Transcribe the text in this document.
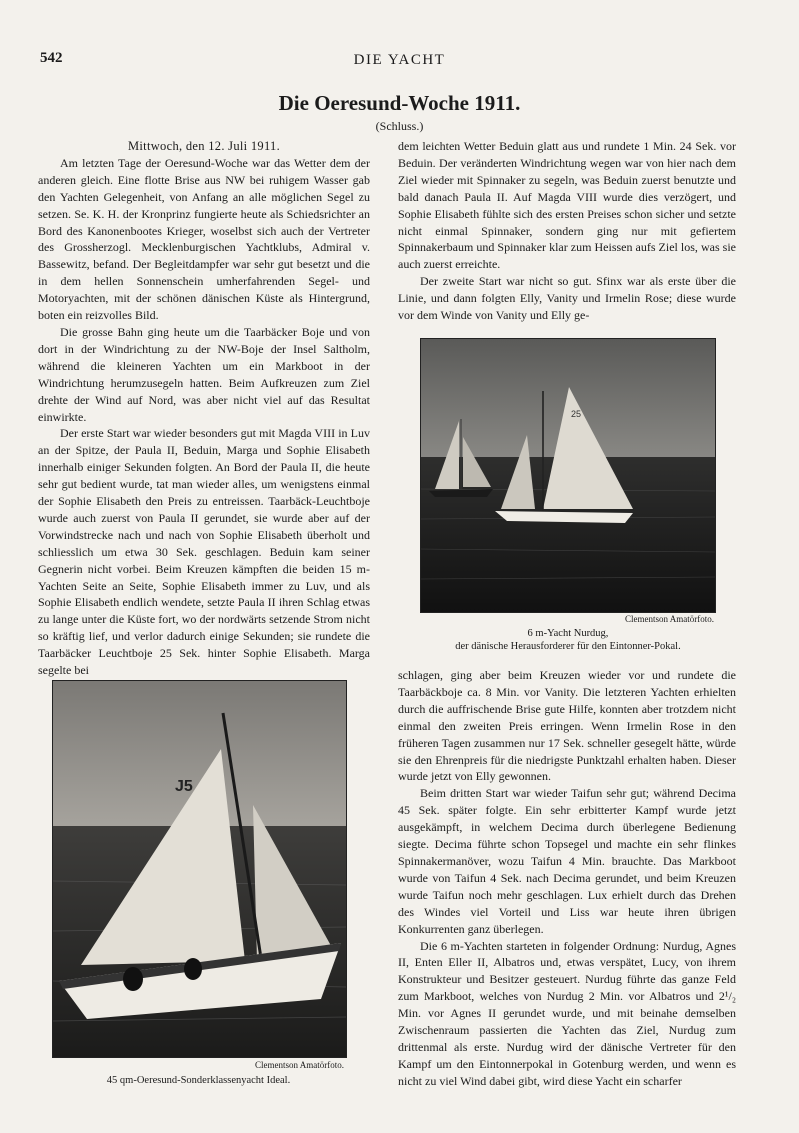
542	DIE YACHT
Die Oeresund-Woche 1911.
(Schluss.)

Mittwoch, den 12. Juli 1911.

Am letzten Tage der Oeresund-Woche war das Wetter dem der anderen gleich. Eine flotte Brise aus NW bei ruhigem Wasser gab den Yachten Gelegenheit, von Anfang an alle möglichen Segel zu setzen. Se. K. H. der Kronprinz fungierte heute als Schiedsrichter an Bord des Kanonenbootes Krieger, woselbst sich auch der Vertreter des Grossherzogl. Mecklenburgischen Yachtklubs, Admiral v. Bassewitz, befand. Der Begleitdampfer war sehr gut besetzt und die in dem hellen Sonnenschein umherfahrenden Segel- und Motoryachten, mit der schönen dänischen Küste als Hintergrund, boten ein reizvolles Bild.

Die grosse Bahn ging heute um die Taarbäcker Boje und von dort in der Windrichtung zu der NW-Boje der Insel Saltholm, während die kleineren Yachten um ein Markboot in der Windrichtung herumzusegeln hatten. Beim Aufkreuzen zum Ziel drehte der Wind auf Nord, was aber nicht viel auf das Resultat einwirkte.

Der erste Start war wieder besonders gut mit Magda VIII in Luv an der Spitze, der Paula II, Beduin, Marga und Sophie Elisabeth innerhalb einiger Sekunden folgten. An Bord der Paula II, die heute sehr gut bedient wurde, tat man wieder alles, um wenigstens einmal der Sophie Elisabeth den Preis zu entreissen. Taarbäck-Leuchtboje wurde auch zuerst von Paula II gerundet, sie wurde aber auf der Vorwindstrecke nach und nach von Sophie Elisabeth überholt und schliesslich um etwa 30 Sek. geschlagen. Beduin kam seiner Gegnerin nicht vorbei. Beim Kreuzen kämpften die beiden 15 m-Yachten Seite an Seite, Sophie Elisabeth immer zu Luv, und als Sophie Elisabeth endlich wendete, setzte Paula II ihren Schlag etwas zu lange unter die Küste fort, wo der nordwärts setzende Strom nicht so kräftig lief, und verlor dadurch einige Sekunden; sie rundete die Taarbäcker Leuchtboje 25 Sek. hinter Sophie Elisabeth. Marga segelte bei

dem leichten Wetter Beduin glatt aus und rundete 1 Min. 24 Sek. vor Beduin. Der veränderten Windrichtung wegen war von hier nach dem Ziel wieder mit Spinnaker zu segeln, was Beduin zuerst benutzte und bald danach Paula II. Auf Magda VIII wurde dies verzögert, und Sophie Elisabeth fühlte sich des ersten Preises schon sicher und setzte nicht einmal Spinnaker, sondern ging nur mit gefiertem Spinnakerbaum und Spinnaker klar zum Heissen aufs Ziel los, was sie auch zuerst erreichte.

Der zweite Start war nicht so gut. Sfinx war als erste über die Linie, und dann folgten Elly, Vanity und Irmelin Rose; diese wurde vor dem Winde von Vanity und Elly ge-

25
Clementson Amatörfoto.
6 m-Yacht Nurdug,
der dänische Herausforderer für den Eintonner-Pokal.

schlagen, ging aber beim Kreuzen wieder vor und rundete die Taarbäckboje ca. 8 Min. vor Vanity. Die letzteren Yachten erhielten durch die auffrischende Brise gute Hilfe, konnten aber trotzdem nicht einmal den zweiten Preis erringen. Wenn Irmelin Rose in den früheren Tagen zusammen nur 17 Sek. schneller gesegelt hätte, würde sie den Ehrenpreis für die niedrigste Punktzahl erhalten haben. Dieser wurde jetzt von Elly gewonnen.

Beim dritten Start war wieder Taifun sehr gut; während Decima 45 Sek. später folgte. Ein sehr erbitterter Kampf wurde jetzt ausgekämpft, in welchem Decima durch überlegene Bedienung siegte. Decima führte schon Topsegel und machte ein sehr flinkes Spinnakermanöver, wozu Taifun 4 Min. brauchte. Das Markboot wurde von Taifun 4 Sek. nach Decima gerundet, und beim Kreuzen wurde Taifun noch mehr geschlagen. Lux erhielt durch das Drehen des Windes viel Vorteil und Liss war heute ihren übrigen Konkurrenten ganz überlegen.

Die 6 m-Yachten starteten in folgender Ordnung: Nurdug, Agnes II, Enten Eller II, Albatros und, etwas verspätet, Lucy, von ihrem Konstrukteur und Besitzer gesteuert. Nurdug führte das ganze Feld zum Markboot, welches von Nurdug 2 Min. vor Albatros und 2¹/₂ Min. vor Agnes II gerundet wurde, und mit beinahe demselben Zwischenraum passierten die Yachten das Ziel, Nurdug zum drittenmal als erste. Nurdug wird der dänische Vertreter für den Kampf um den Eintonnerpokal in Gotenburg werden, und wenn es nicht zu viel Wind dabei gibt, wird diese Yacht ein scharfer

J5
Clementson Amatörfoto.
45 qm-Oeresund-Sonderklassenyacht Ideal.
